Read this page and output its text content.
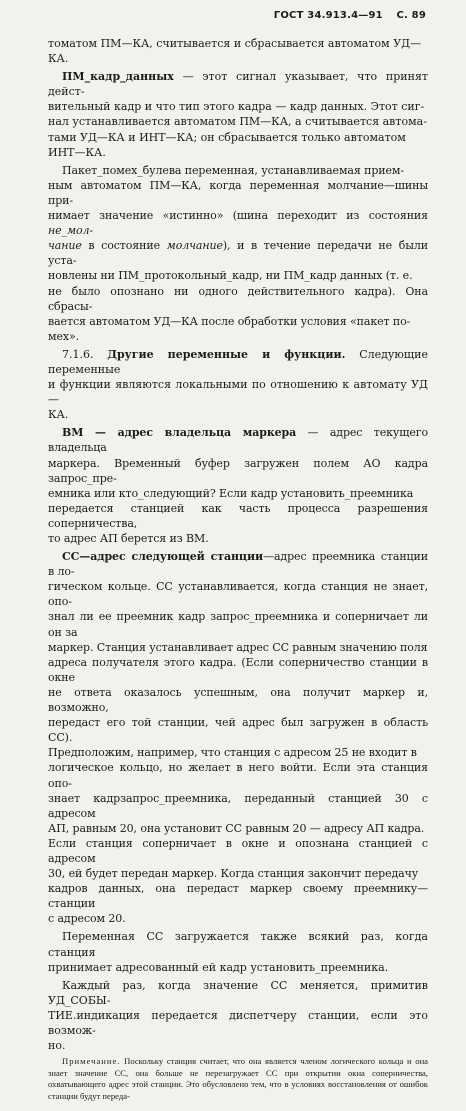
ГОСТ 34.913.4—91 С. 89

томатом ПМ—КА, считывается и сбрасывается автоматом УД—
КА.

ПМ_кадр_данных — этот сигнал указывает, что принят дейст-
вительный кадр и что тип этого кадра — кадр данных. Этот сиг-
нал устанавливается автоматом ПМ—КА, а считывается автома-
тами УД—КА и ИНТ—КА; он сбрасывается только автоматом
ИНТ—КА.

Пакет_помех_булева переменная, устанавливаемая прием-
ным автоматом ПМ—КА, когда переменная молчание—шины при-
нимает значение «истинно» (шина переходит из состояния не_мол-
чание в состояние молчание), и в течение передачи не были уста-
новлены ни ПМ_протокольный_кадр, ни ПМ_кадр данных (т. е.
не было опознано ни одного действительного кадра). Она сбрасы-
вается автоматом УД—КА после обработки условия «пакет по-
мех».

7.1.6. Другие переменные и функции. Следующие переменные
и функции являются локальными по отношению к автомату УД—
КА.

ВМ — адрес владельца маркера — адрес текущего владельца
маркера. Временный буфер загружен полем АО кадра запрос_пре-
емника или кто_следующий? Если кадр установить_преемника
передается станцией как часть процесса разрешения соперничества,
то адрес АП берется из ВМ.

СС—адрес следующей станции—адрес преемника станции в ло-
гическом кольце. СС устанавливается, когда станция не знает, опо-
знал ли ее преемник кадр запрос_преемника и соперничает ли он за
маркер. Станция устанавливает адрес СС равным значению поля
адреса получателя этого кадра. (Если соперничество станции в окне
не ответа оказалось успешным, она получит маркер и, возможно,
передаст его той станции, чей адрес был загружен в область СС).
Предположим, например, что станция с адресом 25 не входит в
логическое кольцо, но желает в него войти. Если эта станция опо-
знает кадрзапрос_преемника, переданный станцией 30 с адресом
АП, равным 20, она установит СС равным 20 — адресу АП кадра.
Если станция соперничает в окне и опознана станцией с адресом
30, ей будет передан маркер. Когда станция закончит передачу
кадров данных, она передаст маркер своему преемнику—станции
с адресом 20.

Переменная СС загружается также всякий раз, когда станция
принимает адресованный ей кадр установить_преемника.

Каждый раз, когда значение СС меняется, примитив УД_СОБЫ-
ТИЕ.индикация передается диспетчеру станции, если это возмож-
но.

Примечание. Поскольку станция считает, что она является членом логического кольца и она знает значение СС, она больше не перезагружает СС при открытии окна соперничества, охватывающего адрес этой станции. Это обусловлено тем, что в условиях восстановления от ошибок станции будут переда-
